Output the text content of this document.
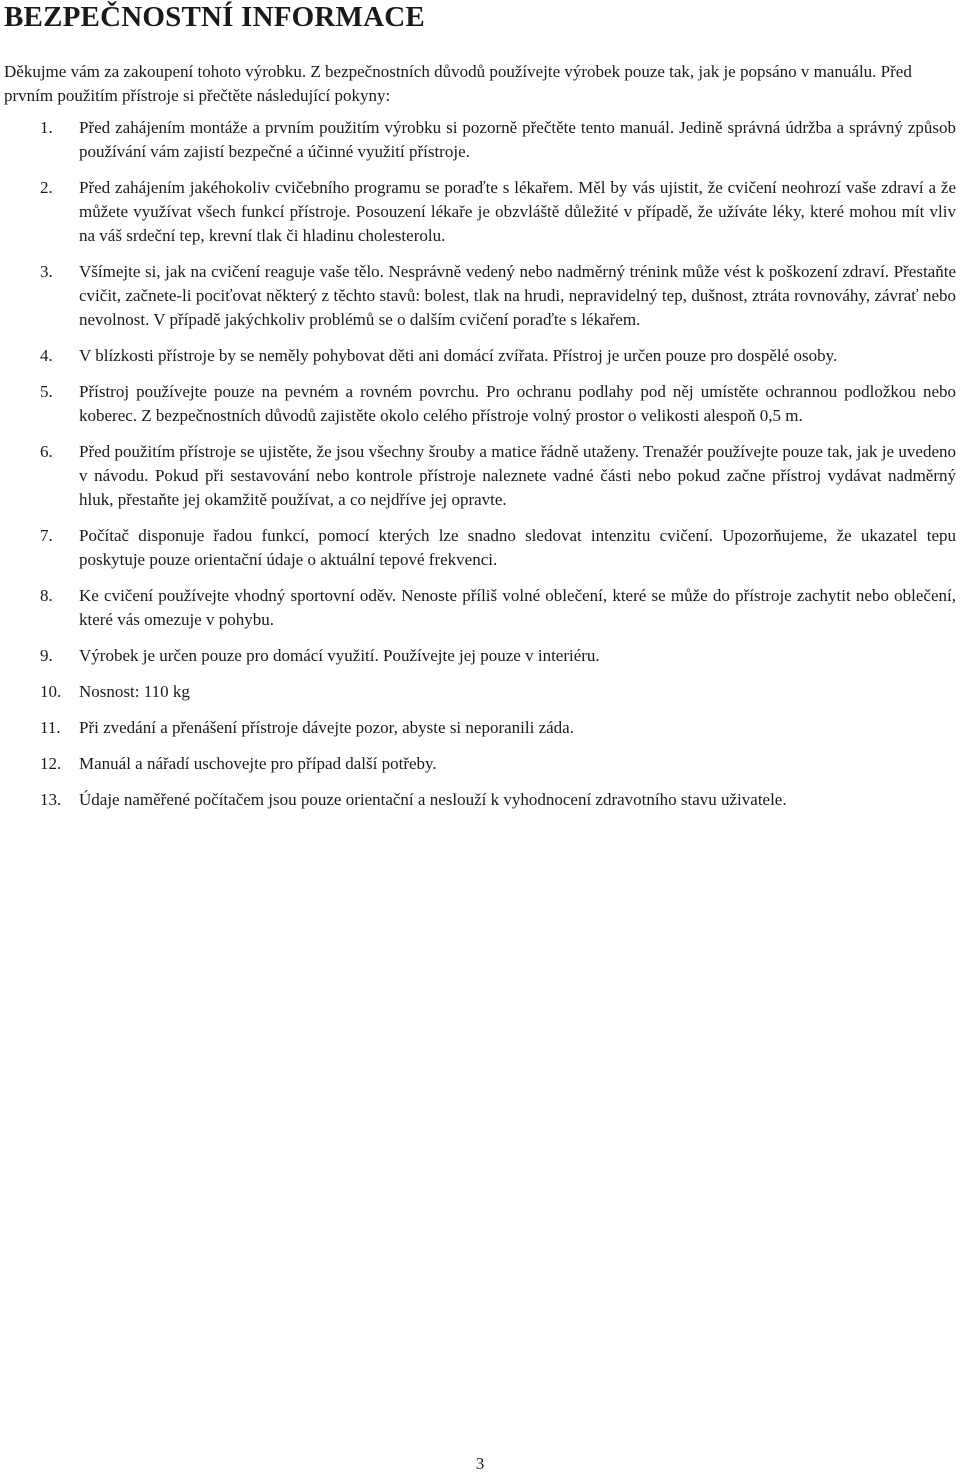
BEZPEČNOSTNÍ INFORMACE

Děkujme vám za zakoupení tohoto výrobku. Z bezpečnostních důvodů používejte výrobek pouze tak, jak je popsáno v manuálu. Před prvním použitím přístroje si přečtěte následující pokyny:

1. Před zahájením montáže a prvním použitím výrobku si pozorně přečtěte tento manuál. Jedině správná údržba a správný způsob používání vám zajistí bezpečné a účinné využití přístroje.
2. Před zahájením jakéhokoliv cvičebního programu se poraďte s lékařem. Měl by vás ujistit, že cvičení neohrozí vaše zdraví a že můžete využívat všech funkcí přístroje. Posouzení lékaře je obzvláště důležité v případě, že užíváte léky, které mohou mít vliv na váš srdeční tep, krevní tlak či hladinu cholesterolu.
3. Všímejte si, jak na cvičení reaguje vaše tělo. Nesprávně vedený nebo nadměrný trénink může vést k poškození zdraví. Přestaňte cvičit, začnete-li pociťovat některý z těchto stavů: bolest, tlak na hrudi, nepravidelný tep, dušnost, ztráta rovnováhy, závrať nebo nevolnost. V případě jakýchkoliv problémů se o dalším cvičení poraďte s lékařem.
4. V blízkosti přístroje by se neměly pohybovat děti ani domácí zvířata. Přístroj je určen pouze pro dospělé osoby.
5. Přístroj používejte pouze na pevném a rovném povrchu. Pro ochranu podlahy pod něj umístěte ochrannou podložkou nebo koberec. Z bezpečnostních důvodů zajistěte okolo celého přístroje volný prostor o velikosti alespoň 0,5 m.
6. Před použitím přístroje se ujistěte, že jsou všechny šrouby a matice řádně utaženy. Trenažér používejte pouze tak, jak je uvedeno v návodu. Pokud při sestavování nebo kontrole přístroje naleznete vadné části nebo pokud začne přístroj vydávat nadměrný hluk, přestaňte jej okamžitě používat, a co nejdříve jej opravte.
7. Počítač disponuje řadou funkcí, pomocí kterých lze snadno sledovat intenzitu cvičení. Upozorňujeme, že ukazatel tepu poskytuje pouze orientační údaje o aktuální tepové frekvenci.
8. Ke cvičení používejte vhodný sportovní oděv. Nenoste příliš volné oblečení, které se může do přístroje zachytit nebo oblečení, které vás omezuje v pohybu.
9. Výrobek je určen pouze pro domácí využití. Používejte jej pouze v interiéru.
10. Nosnost: 110 kg
11. Při zvedání a přenášení přístroje dávejte pozor, abyste si neporanili záda.
12. Manuál a nářadí uschovejte pro případ další potřeby.
13. Údaje naměřené počítačem jsou pouze orientační a neslouží k vyhodnocení zdravotního stavu uživatele.
3
